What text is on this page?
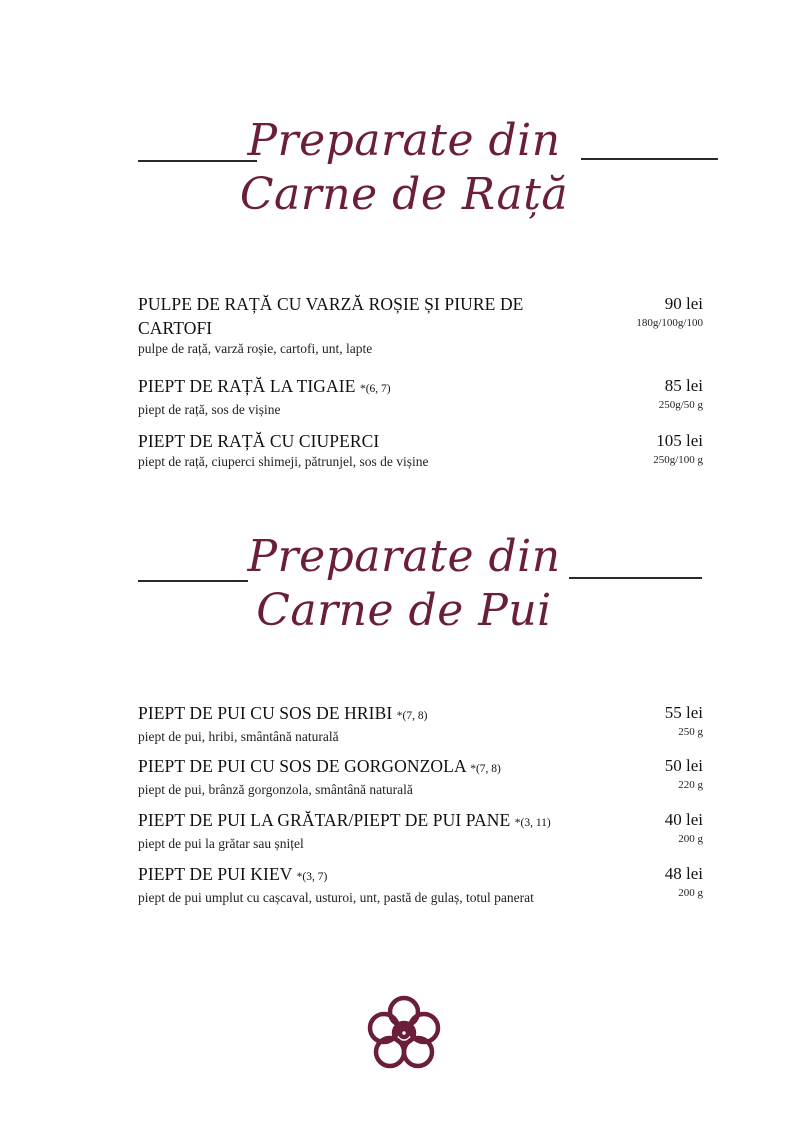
Preparate din
Carne de Rață
PULPE DE RAȚĂ CU VARZĂ ROȘIE ȘI PIURE DE CARTOFI
pulpe de rață, varză roșie, cartofi, unt, lapte
90 lei
180g/100g/100
PIEPT DE RAȚĂ LA TIGAIE *(6, 7)
piept de rață, sos de vișine
85 lei
250g/50 g
PIEPT DE RAȚĂ CU CIUPERCI
piept de rață, ciuperci shimeji, pătrunjel, sos de vișine
105 lei
250g/100 g
Preparate din
Carne de Pui
PIEPT DE PUI CU SOS DE HRIBI *(7, 8)
piept de pui, hribi, smântână naturală
55 lei
250 g
PIEPT DE PUI CU SOS DE GORGONZOLA *(7, 8)
piept de pui, brânză gorgonzola, smântână naturală
50 lei
220 g
PIEPT DE PUI LA GRĂTAR/PIEPT DE PUI PANE *(3, 11)
piept de pui la grătar sau șnițel
40 lei
200 g
PIEPT DE PUI KIEV *(3, 7)
piept de pui umplut cu cașcaval, usturoi, unt, pastă de gulaș, totul panerat
48 lei
200 g
